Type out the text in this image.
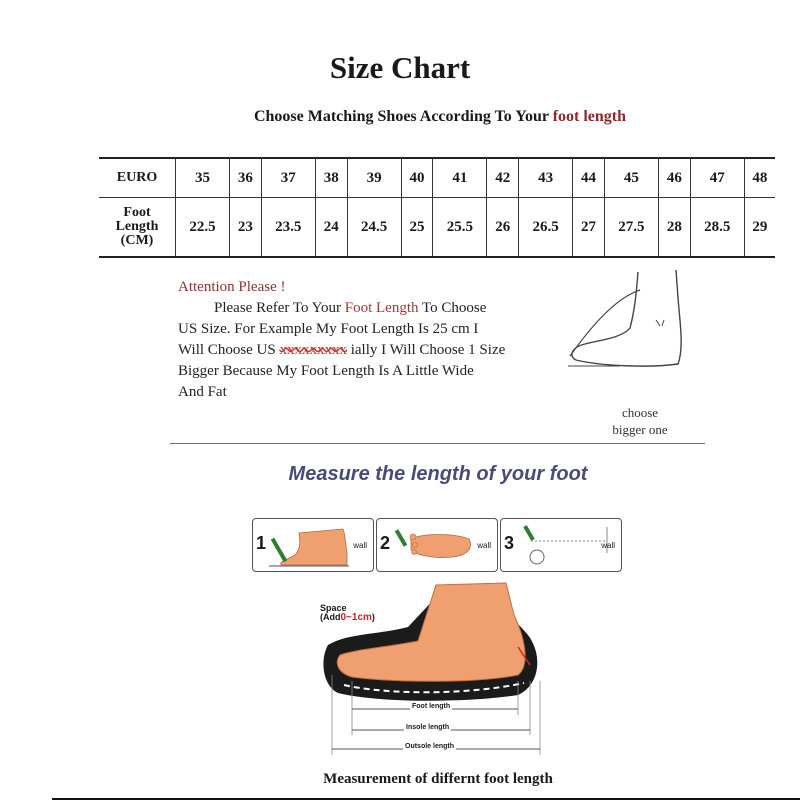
Size Chart
Choose Matching Shoes According To Your foot length
EURO	35	36	37	38	39	40	41	42	43	44	45	46	47	48

Foot
Length
(CM)	22.5	23	23.5	24	24.5	25	25.5	26	26.5	27	27.5	28	28.5	29
Attention Please !
Please Refer To Your Foot Length To Choose
US Size. For Example My Foot Length Is 25 cm I
Will Choose US xxxxxxxxx ially I Will Choose 1 Size
Bigger Because My Foot Length Is A Little Wide
And Fat
choose
bigger one
Measure the length of your foot
1	wall 2	wall 3	wall
Space
(Add0~1cm)
Foot length
Insole length
Outsole length
Measurement of differnt foot length
